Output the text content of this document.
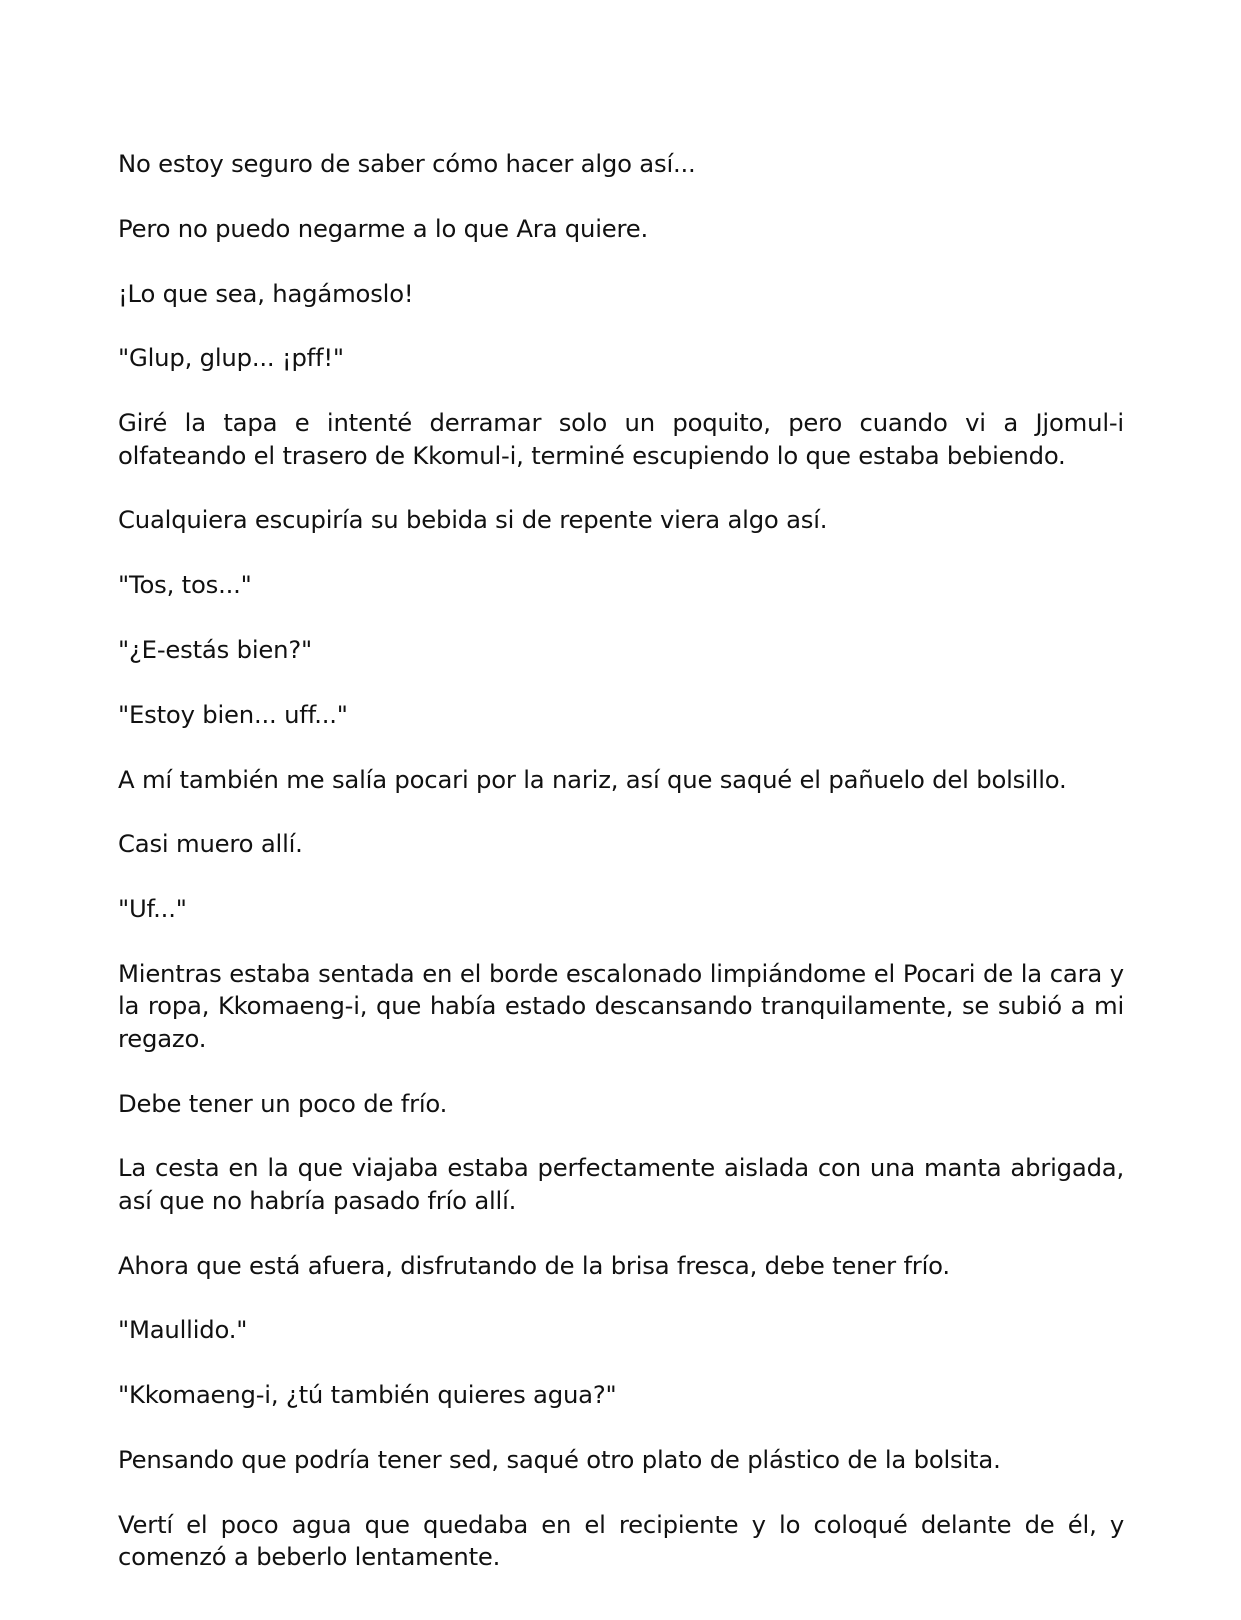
No estoy seguro de saber cómo hacer algo así...

Pero no puedo negarme a lo que Ara quiere.

¡Lo que sea, hagámoslo!

"Glup, glup... ¡pff!"

Giré la tapa e intenté derramar solo un poquito, pero cuando vi a Jjomul-i olfateando el trasero de Kkomul-i, terminé escupiendo lo que estaba bebiendo.

Cualquiera escupiría su bebida si de repente viera algo así.

"Tos, tos..."

"¿E-estás bien?"

"Estoy bien... uff..."

A mí también me salía pocari por la nariz, así que saqué el pañuelo del bolsillo.

Casi muero allí.

"Uf..."

Mientras estaba sentada en el borde escalonado limpiándome el Pocari de la cara y la ropa, Kkomaeng-i, que había estado descansando tranquilamente, se subió a mi regazo.

Debe tener un poco de frío.

La cesta en la que viajaba estaba perfectamente aislada con una manta abrigada, así que no habría pasado frío allí.

Ahora que está afuera, disfrutando de la brisa fresca, debe tener frío.

"Maullido."

"Kkomaeng-i, ¿tú también quieres agua?"

Pensando que podría tener sed, saqué otro plato de plástico de la bolsita.

Vertí el poco agua que quedaba en el recipiente y lo coloqué delante de él, y comenzó a beberlo lentamente.
